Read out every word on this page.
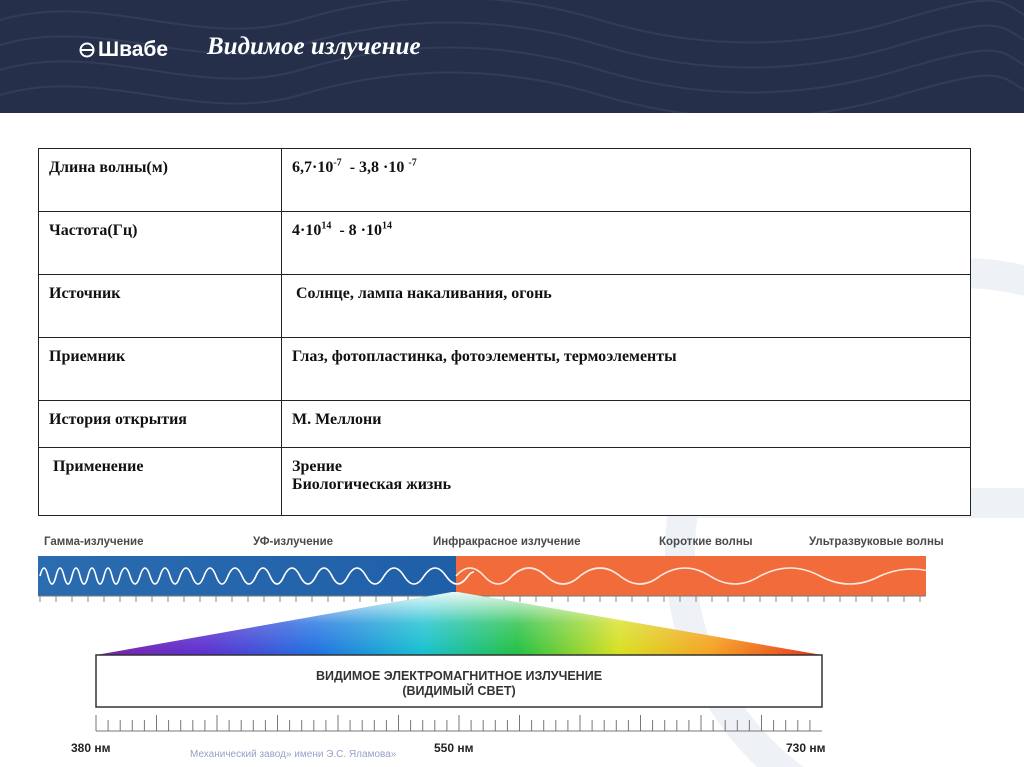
Швабе Видимое излучение
Длина волны(м)	$6,7\cdot 10^{-7} - 3,8 \cdot 10$ $^{-7}$
Частота(Гц)	$4\cdot 10^{14} - 8 \cdot 10^{14}$
Источник	Солнце, лампа накаливания, огонь
Приемник	Глаз, фотопластинка, фотоэлементы, термоэлементы
История открытия	М. Меллони
Применение	Зрение
Биологическая жизнь
Гамма-излучение	УФ-излучение	Инфракрасное излучение	Короткие волны	Ультразвуковые волны
ВИДИМОЕ ЭЛЕКТРОМАГНИТНОЕ ИЗЛУЧЕНИЕ
(ВИДИМЫЙ СВЕТ)
380 нм	550 нм	730 нм
Механический завод» имени Э.С. Яламова»
